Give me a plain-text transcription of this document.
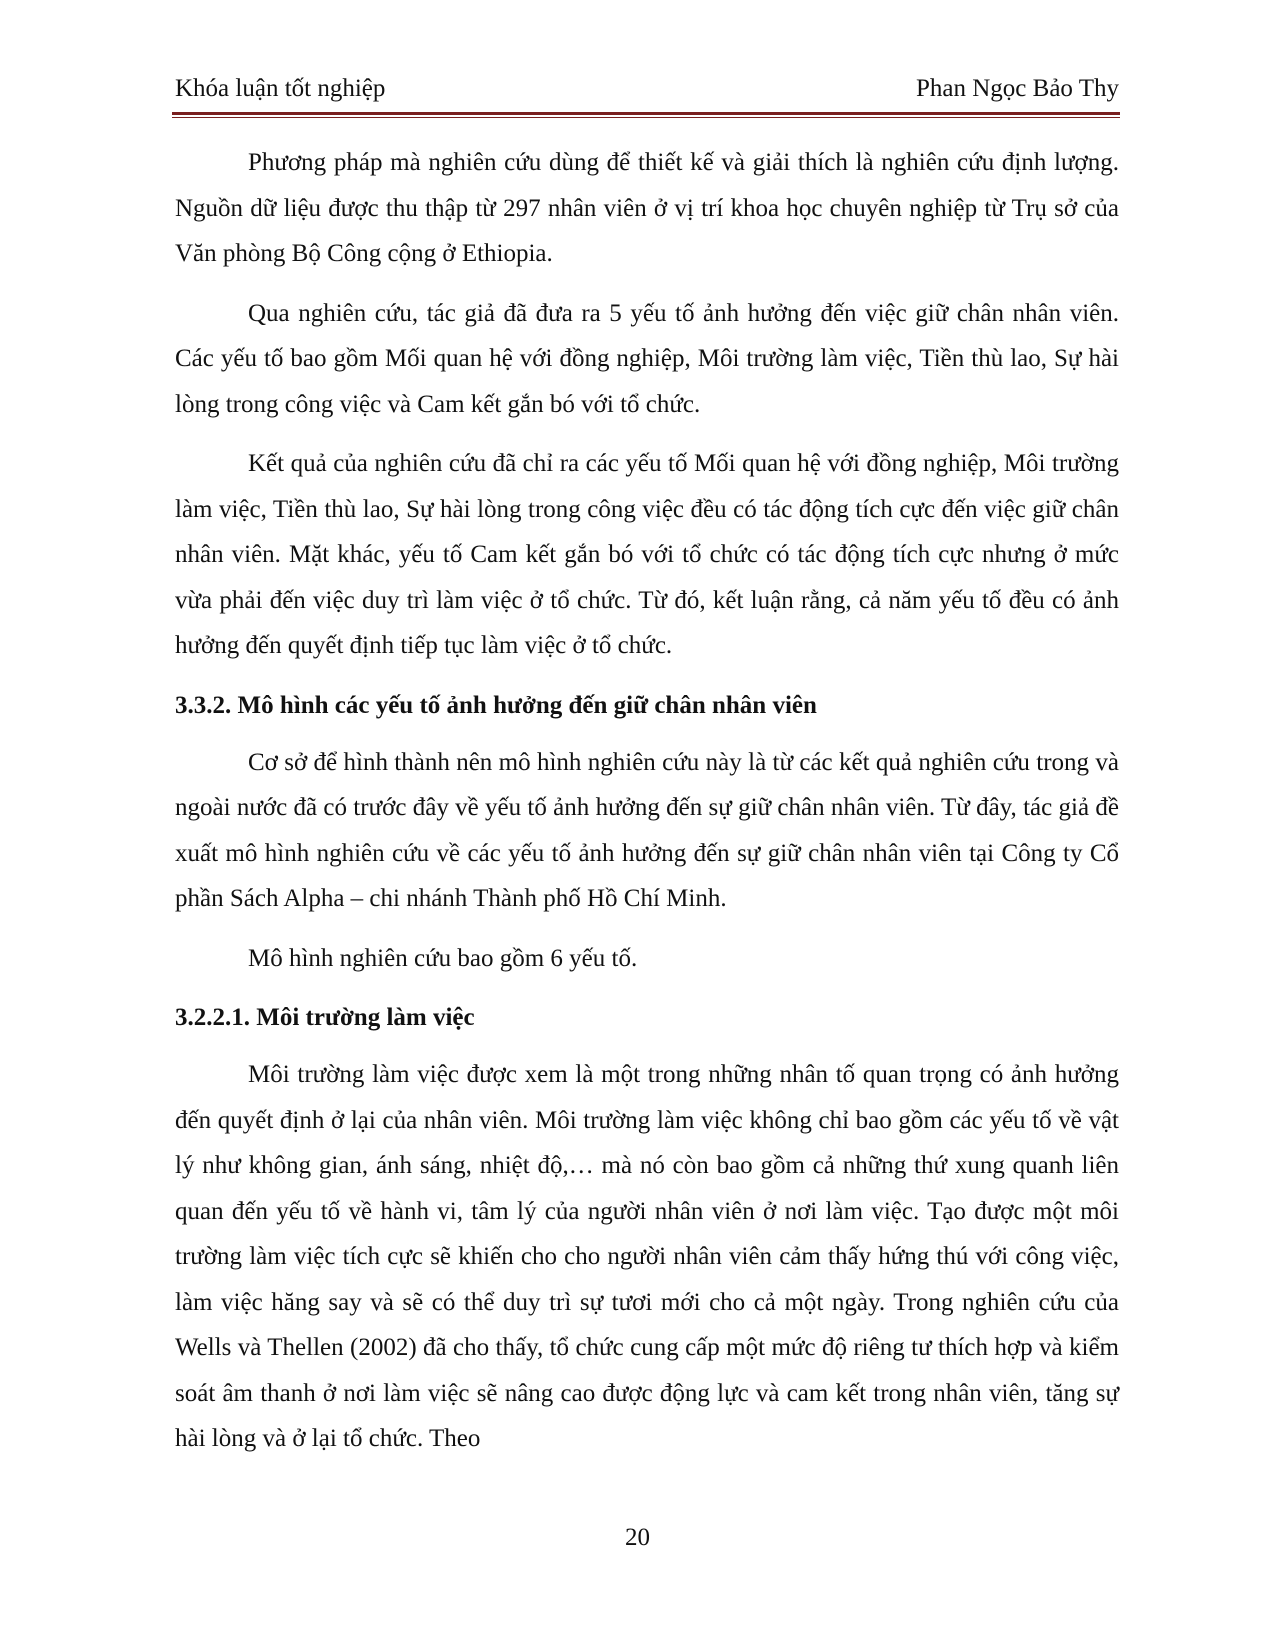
Khóa luận tốt nghiệp	Phan Ngọc Bảo Thy

Phương pháp mà nghiên cứu dùng để thiết kế và giải thích là nghiên cứu định lượng. Nguồn dữ liệu được thu thập từ 297 nhân viên ở vị trí khoa học chuyên nghiệp từ Trụ sở của Văn phòng Bộ Công cộng ở Ethiopia.

Qua nghiên cứu, tác giả đã đưa ra 5 yếu tố ảnh hưởng đến việc giữ chân nhân viên. Các yếu tố bao gồm Mối quan hệ với đồng nghiệp, Môi trường làm việc, Tiền thù lao, Sự hài lòng trong công việc và Cam kết gắn bó với tổ chức.

Kết quả của nghiên cứu đã chỉ ra các yếu tố Mối quan hệ với đồng nghiệp, Môi trường làm việc, Tiền thù lao, Sự hài lòng trong công việc đều có tác động tích cực đến việc giữ chân nhân viên. Mặt khác, yếu tố Cam kết gắn bó với tổ chức có tác động tích cực nhưng ở mức vừa phải đến việc duy trì làm việc ở tổ chức. Từ đó, kết luận rằng, cả năm yếu tố đều có ảnh hưởng đến quyết định tiếp tục làm việc ở tổ chức.

3.3.2. Mô hình các yếu tố ảnh hưởng đến giữ chân nhân viên

Cơ sở để hình thành nên mô hình nghiên cứu này là từ các kết quả nghiên cứu trong và ngoài nước đã có trước đây về yếu tố ảnh hưởng đến sự giữ chân nhân viên. Từ đây, tác giả đề xuất mô hình nghiên cứu về các yếu tố ảnh hưởng đến sự giữ chân nhân viên tại Công ty Cổ phần Sách Alpha – chi nhánh Thành phố Hồ Chí Minh.

Mô hình nghiên cứu bao gồm 6 yếu tố.

3.2.2.1. Môi trường làm việc

Môi trường làm việc được xem là một trong những nhân tố quan trọng có ảnh hưởng đến quyết định ở lại của nhân viên. Môi trường làm việc không chỉ bao gồm các yếu tố về vật lý như không gian, ánh sáng, nhiệt độ,… mà nó còn bao gồm cả những thứ xung quanh liên quan đến yếu tố về hành vi, tâm lý của người nhân viên ở nơi làm việc. Tạo được một môi trường làm việc tích cực sẽ khiến cho cho người nhân viên cảm thấy hứng thú với công việc, làm việc hăng say và sẽ có thể duy trì sự tươi mới cho cả một ngày. Trong nghiên cứu của Wells và Thellen (2002) đã cho thấy, tổ chức cung cấp một mức độ riêng tư thích hợp và kiểm soát âm thanh ở nơi làm việc sẽ nâng cao được động lực và cam kết trong nhân viên, tăng sự hài lòng và ở lại tổ chức. Theo

20
